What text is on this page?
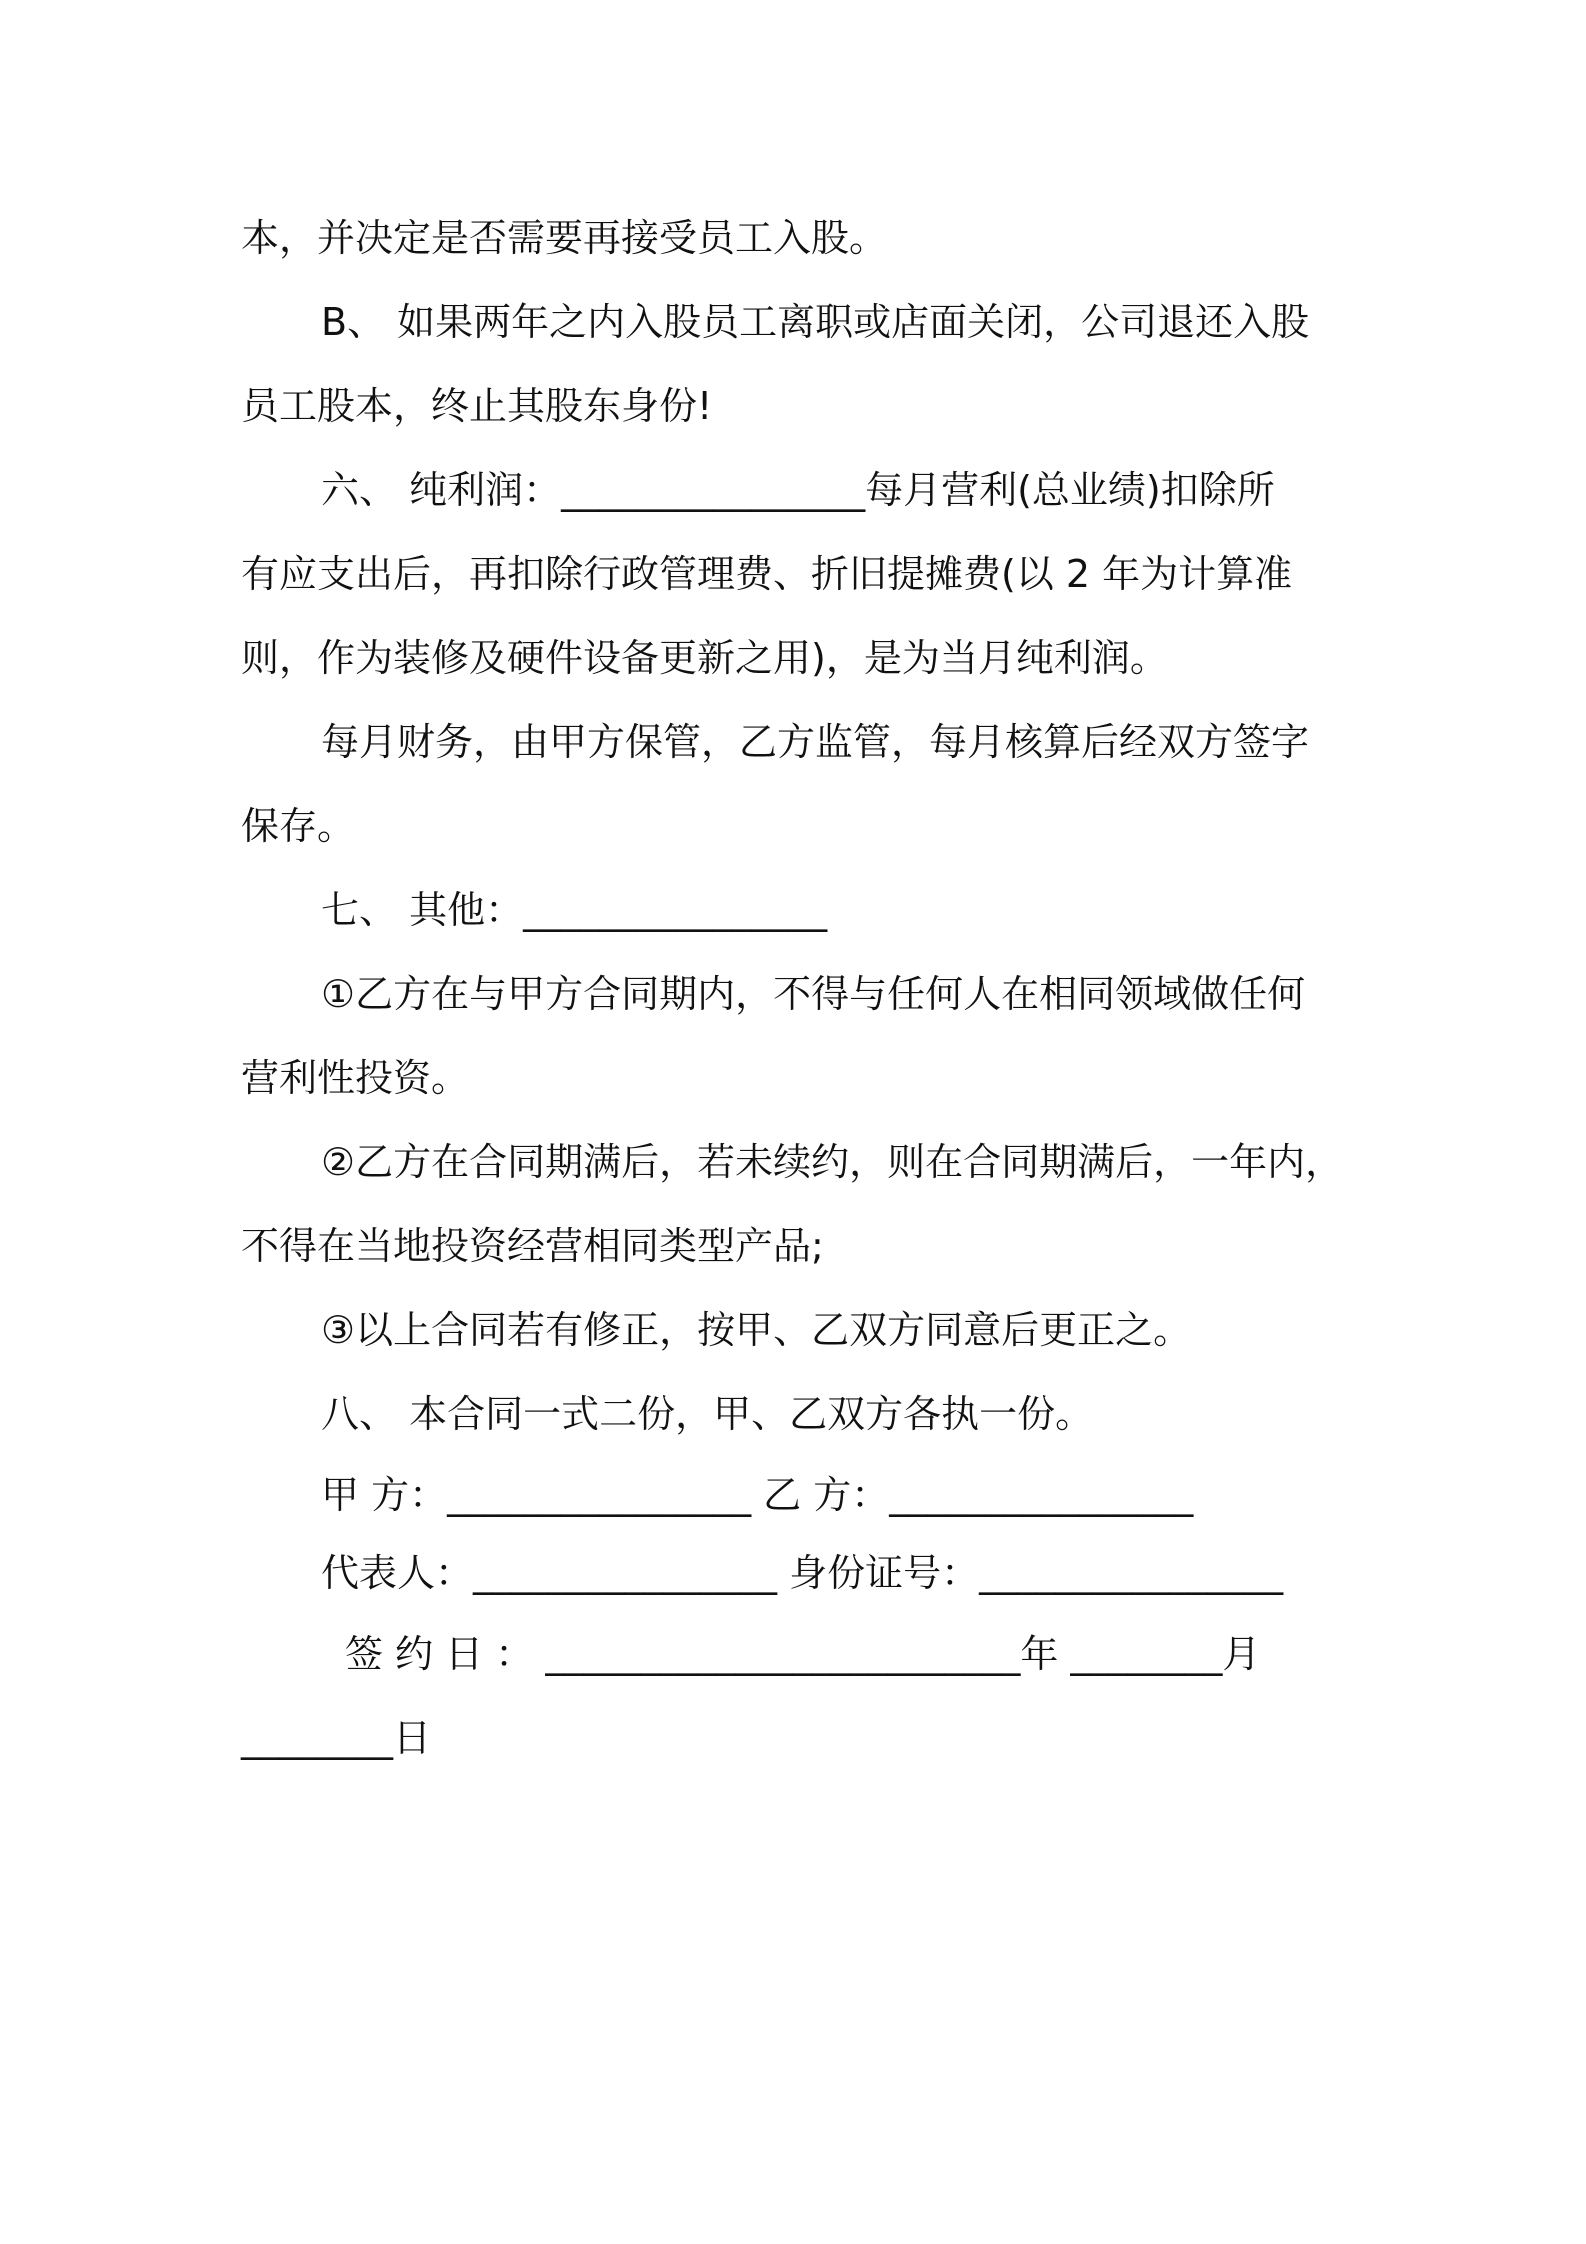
本，并决定是否需要再接受员工入股。
B、 如果两年之内入股员工离职或店面关闭，公司退还入股
员工股本，终止其股东身份!
六、 纯利润：________________每月营利(总业绩)扣除所
有应支出后，再扣除行政管理费、折旧提摊费(以 2 年为计算准
则，作为装修及硬件设备更新之用)，是为当月纯利润。
每月财务，由甲方保管，乙方监管，每月核算后经双方签字
保存。
七、 其他：________________
①乙方在与甲方合同期内，不得与任何人在相同领域做任何
营利性投资。
②乙方在合同期满后，若未续约，则在合同期满后，一年内，
不得在当地投资经营相同类型产品;
③以上合同若有修正，按甲、乙双方同意后更正之。
八、 本合同一式二份，甲、乙双方各执一份。
甲 方：________________ 乙 方：________________
代表人：________________ 身份证号：________________
签 约 日 ： _________________________年 ________月
________日
